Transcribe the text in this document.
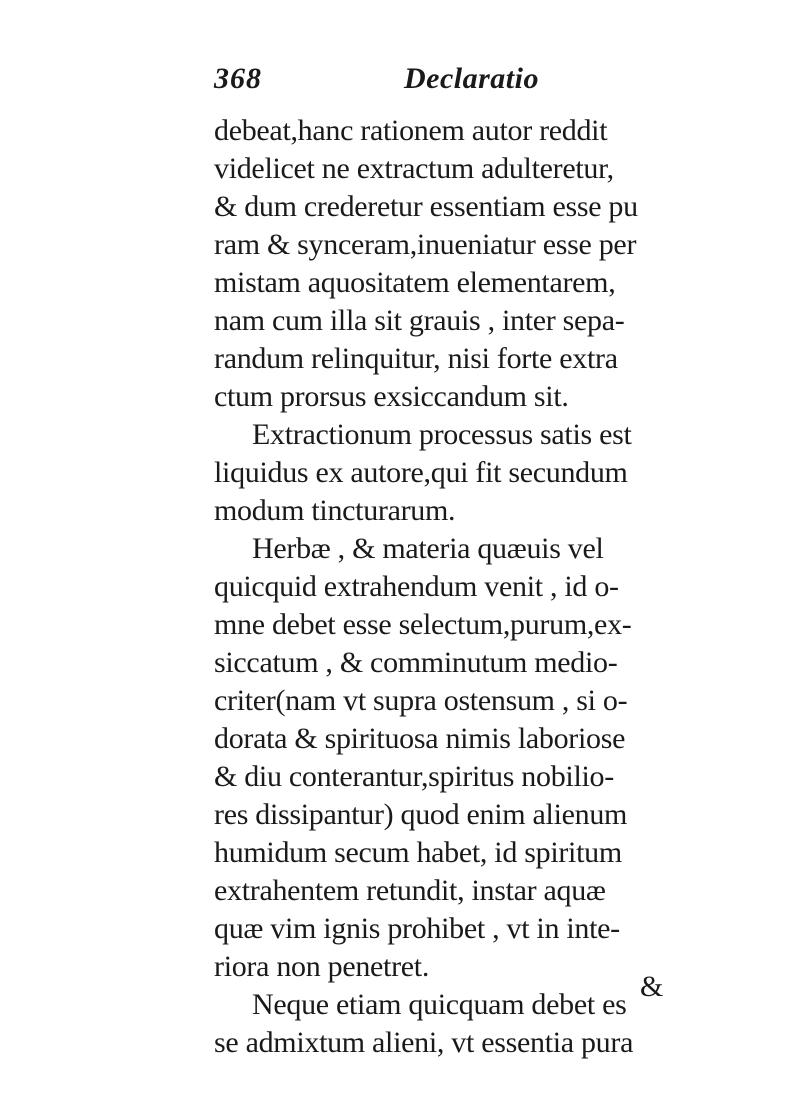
368	Declaratio
debeat,hanc rationem autor reddit
videlicet ne extractum adulteretur,
& dum crederetur essentiam esse pu
ram & synceram,inueniatur esse per
mistam aquositatem elementarem,
nam cum illa sit grauis , inter sepa-
randum relinquitur, nisi forte extra
ctum prorsus exsiccandum sit.
Extractionum processus satis est
liquidus ex autore,qui fit secundum
modum tincturarum.
Herbæ , & materia quæuis vel
quicquid extrahendum venit , id o-
mne debet esse selectum,purum,ex-
siccatum , & comminutum medio-
criter(nam vt supra ostensum , si o-
dorata & spirituosa nimis laboriose
& diu conterantur,spiritus nobilio-
res dissipantur) quod enim alienum
humidum secum habet, id spiritum
extrahentem retundit, instar aquæ
quæ vim ignis prohibet , vt in inte-
riora non penetret.
Neque etiam quicquam debet es
se admixtum alieni, vt essentia pura
&
